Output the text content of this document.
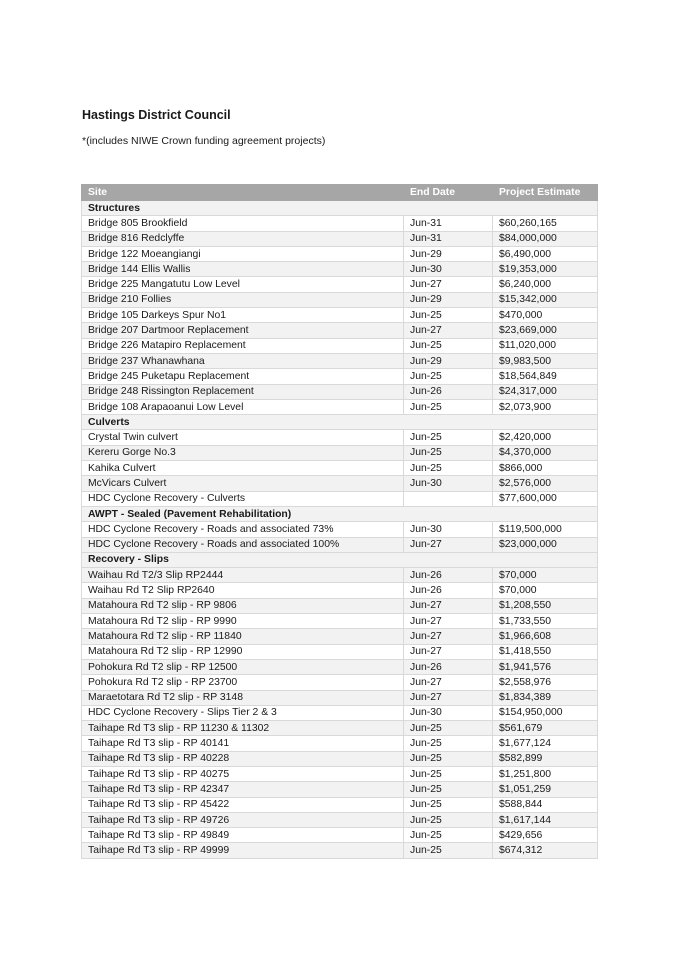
Hastings District Council
*(includes NIWE Crown funding agreement projects)
Site	End Date	Project Estimate
Structures		
Bridge 805 Brookfield	Jun-31	$60,260,165
Bridge 816 Redclyffe	Jun-31	$84,000,000
Bridge 122 Moeangiangi	Jun-29	$6,490,000
Bridge 144 Ellis Wallis	Jun-30	$19,353,000
Bridge 225 Mangatutu Low Level	Jun-27	$6,240,000
Bridge 210 Follies	Jun-29	$15,342,000
Bridge 105 Darkeys Spur No1	Jun-25	$470,000
Bridge 207 Dartmoor Replacement	Jun-27	$23,669,000
Bridge 226 Matapiro Replacement	Jun-25	$11,020,000
Bridge 237 Whanawhana	Jun-29	$9,983,500
Bridge 245 Puketapu Replacement	Jun-25	$18,564,849
Bridge 248 Rissington Replacement	Jun-26	$24,317,000
Bridge 108 Arapaoanui Low Level	Jun-25	$2,073,900
Culverts		
Crystal Twin culvert	Jun-25	$2,420,000
Kereru Gorge No.3	Jun-25	$4,370,000
Kahika Culvert	Jun-25	$866,000
McVicars Culvert	Jun-30	$2,576,000
HDC Cyclone Recovery - Culverts		$77,600,000
AWPT - Sealed (Pavement Rehabilitation)		
HDC Cyclone Recovery - Roads and associated 73%	Jun-30	$119,500,000
HDC Cyclone Recovery - Roads and associated 100%	Jun-27	$23,000,000
Recovery - Slips		
Waihau Rd T2/3 Slip RP2444	Jun-26	$70,000
Waihau Rd T2 Slip RP2640	Jun-26	$70,000
Matahoura Rd T2 slip - RP 9806	Jun-27	$1,208,550
Matahoura Rd T2 slip - RP 9990	Jun-27	$1,733,550
Matahoura Rd T2 slip - RP 11840	Jun-27	$1,966,608
Matahoura Rd T2 slip - RP 12990	Jun-27	$1,418,550
Pohokura Rd T2 slip - RP 12500	Jun-26	$1,941,576
Pohokura Rd T2 slip - RP 23700	Jun-27	$2,558,976
Maraetotara Rd T2 slip - RP 3148	Jun-27	$1,834,389
HDC Cyclone Recovery - Slips Tier 2 & 3	Jun-30	$154,950,000
Taihape Rd T3 slip - RP 11230 & 11302	Jun-25	$561,679
Taihape Rd T3 slip - RP 40141	Jun-25	$1,677,124
Taihape Rd T3 slip - RP 40228	Jun-25	$582,899
Taihape Rd T3 slip - RP 40275	Jun-25	$1,251,800
Taihape Rd T3 slip - RP 42347	Jun-25	$1,051,259
Taihape Rd T3 slip - RP 45422	Jun-25	$588,844
Taihape Rd T3 slip - RP 49726	Jun-25	$1,617,144
Taihape Rd T3 slip - RP 49849	Jun-25	$429,656
Taihape Rd T3 slip - RP 49999	Jun-25	$674,312
